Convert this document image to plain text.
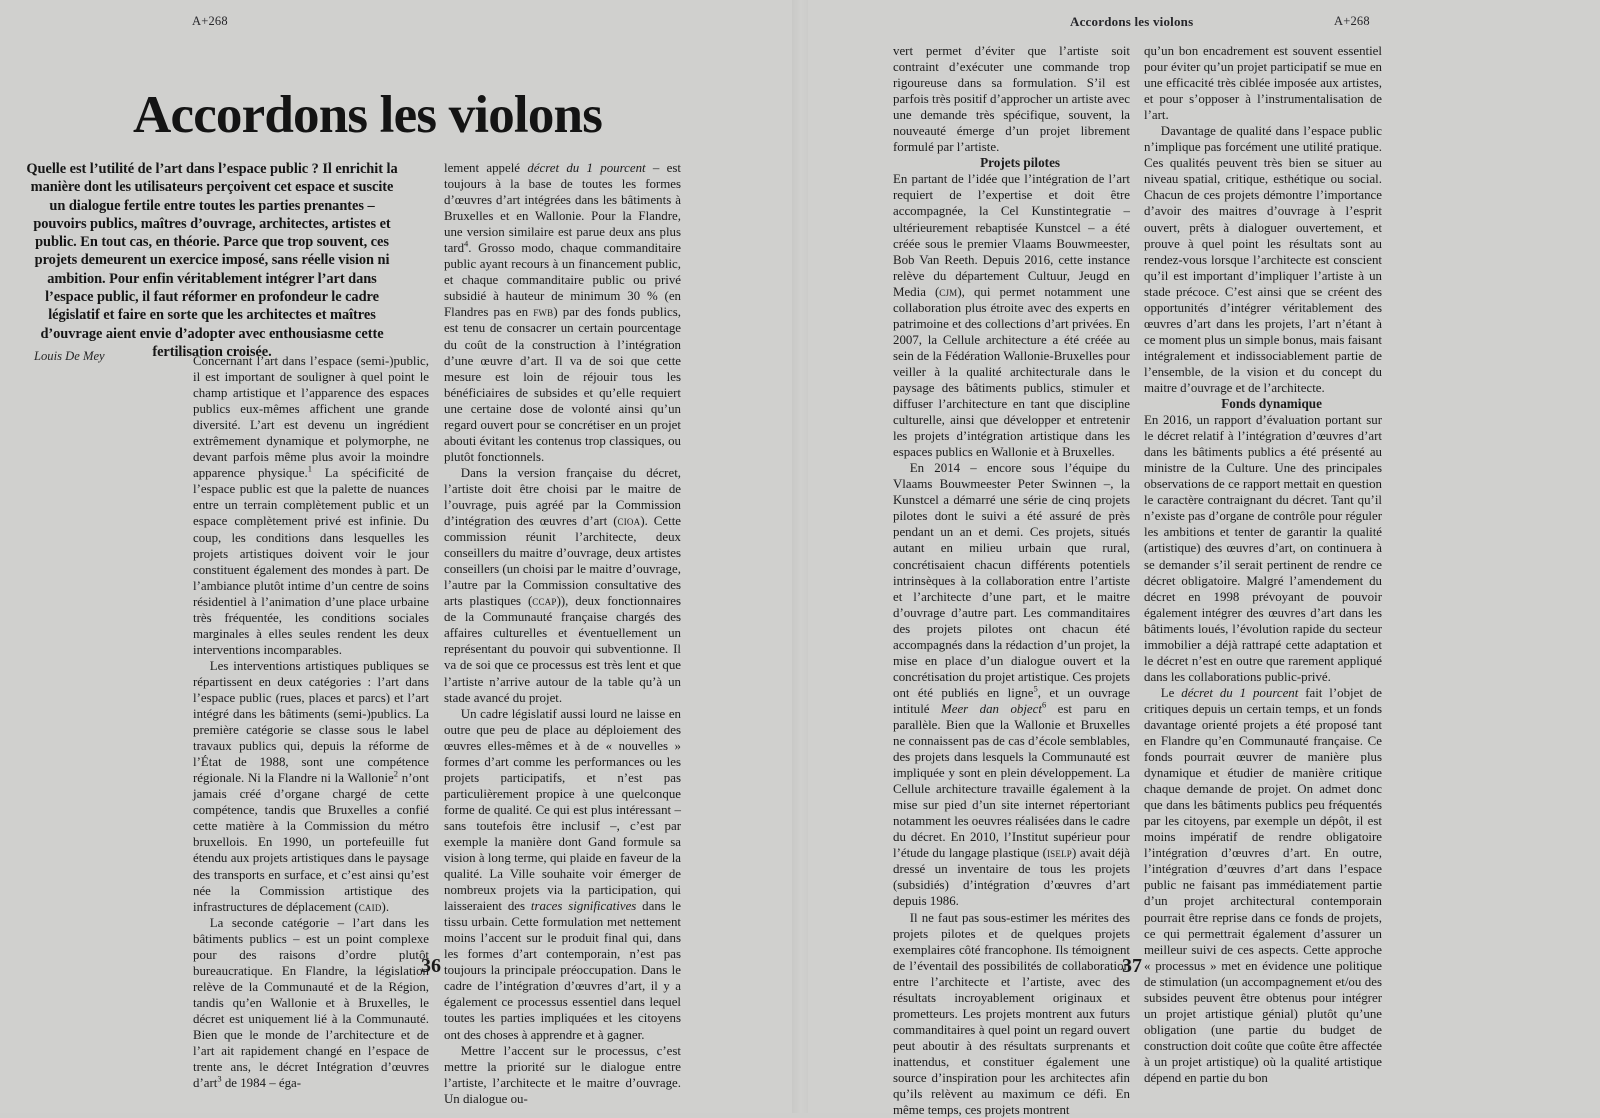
A+268	Accordons les violons	A+268
Accordons les violons
Quelle est l’utilité de l’art dans l’espace public ? Il enrichit la manière dont les utilisateurs perçoivent cet espace et suscite un dialogue fertile entre toutes les parties prenantes – pouvoirs publics, maîtres d’ouvrage, architectes, artistes et public. En tout cas, en théorie. Parce que trop souvent, ces projets demeurent un exercice imposé, sans réelle vision ni ambition. Pour enfin véritablement intégrer l’art dans l’espace public, il faut réformer en profondeur le cadre législatif et faire en sorte que les architectes et maîtres d’ouvrage aient envie d’adopter avec enthousiasme cette fertilisation croisée.
Louis De Mey	Concernant l’art dans l’espace (semi-)public, il est important de souligner à quel point le champ artistique et l’apparence des espaces publics eux-mêmes affichent une grande diversité. L’art est devenu un ingrédient extrêmement dynamique et polymorphe, ne devant parfois même plus avoir la moindre apparence physique.$^1$ La spécificité de l’espace public est que la palette de nuances entre un terrain complètement public et un espace complètement privé est infinie. Du coup, les conditions dans lesquelles les projets artistiques doivent voir le jour constituent également des mondes à part. De l’ambiance plutôt intime d’un centre de soins résidentiel à l’animation d’une place urbaine très fréquentée, les conditions sociales marginales à elles seules rendent les deux interventions incomparables.

Les interventions artistiques publiques se répartissent en deux catégories : l’art dans l’espace public (rues, places et parcs) et l’art intégré dans les bâtiments (semi-)publics. La première catégorie se classe sous le label travaux publics qui, depuis la réforme de l’État de 1988, sont une compétence régionale. Ni la Flandre ni la Wallonie$^2$ n’ont jamais créé d’organe chargé de cette compétence, tandis que Bruxelles a confié cette matière à la Commission du métro bruxellois. En 1990, un portefeuille fut étendu aux projets artistiques dans le paysage des transports en surface, et c’est ainsi qu’est née la Commission artistique des infrastructures de déplacement (caid).

La seconde catégorie – l’art dans les bâtiments publics – est un point complexe pour des raisons d’ordre plutôt bureaucratique. En Flandre, la législation relève de la Communauté et de la Région, tandis qu’en Wallonie et à Bruxelles, le décret est uniquement lié à la Communauté. Bien que le monde de l’architecture et de l’art ait rapidement changé en l’espace de trente ans, le décret Intégration d’œuvres d’art$^3$ de 1984 – éga-

lement appelé décret du 1 pourcent – est toujours à la base de toutes les formes d’œuvres d’art intégrées dans les bâtiments à Bruxelles et en Wallonie. Pour la Flandre, une version similaire est parue deux ans plus tard$^4$. Grosso modo, chaque commanditaire public ayant recours à un financement public, et chaque commanditaire public ou privé subsidié à hauteur de minimum 30 % (en Flandres pas en fwb) par des fonds publics, est tenu de consacrer un certain pourcentage du coût de la construction à l’intégration d’une œuvre d’art. Il va de soi que cette mesure est loin de réjouir tous les bénéficiaires de subsides et qu’elle requiert une certaine dose de volonté ainsi qu’un regard ouvert pour se concrétiser en un projet abouti évitant les contenus trop classiques, ou plutôt fonctionnels.

Dans la version française du décret, l’artiste doit être choisi par le maitre de l’ouvrage, puis agréé par la Commission d’intégration des œuvres d’art (cioa). Cette commission réunit l’architecte, deux conseillers du maitre d’ouvrage, deux artistes conseillers (un choisi par le maitre d’ouvrage, l’autre par la Commission consultative des arts plastiques (ccap)), deux fonctionnaires de la Communauté française chargés des affaires culturelles et éventuellement un représentant du pouvoir qui subventionne. Il va de soi que ce processus est très lent et que l’artiste n’arrive autour de la table qu’à un stade avancé du projet.

Un cadre législatif aussi lourd ne laisse en outre que peu de place au déploiement des œuvres elles-mêmes et à de « nouvelles » formes d’art comme les performances ou les projets participatifs, et n’est pas particulièrement propice à une quelconque forme de qualité. Ce qui est plus intéressant – sans toutefois être inclusif –, c’est par exemple la manière dont Gand formule sa vision à long terme, qui plaide en faveur de la qualité. La Ville souhaite voir émerger de nombreux projets via la participation, qui laisseraient des traces significatives dans le tissu urbain. Cette formulation met nettement moins l’accent sur le produit final qui, dans les formes d’art contemporain, n’est pas toujours la principale préoccupation. Dans le cadre de l’intégration d’œuvres d’art, il y a également ce processus essentiel dans lequel toutes les parties impliquées et les citoyens ont des choses à apprendre et à gagner.

Mettre l’accent sur le processus, c’est mettre la priorité sur le dialogue entre l’artiste, l’architecte et le maitre d’ouvrage. Un dialogue ou-

vert permet d’éviter que l’artiste soit contraint d’exécuter une commande trop rigoureuse dans sa formulation. S’il est parfois très positif d’approcher un artiste avec une demande très spécifique, souvent, la nouveauté émerge d’un projet librement formulé par l’artiste.

Projets pilotes

En partant de l’idée que l’intégration de l’art requiert de l’expertise et doit être accompagnée, la Cel Kunstintegratie – ultérieurement rebaptisée Kunstcel – a été créée sous le premier Vlaams Bouwmeester, Bob Van Reeth. Depuis 2016, cette instance relève du département Cultuur, Jeugd en Media (cjm), qui permet notamment une collaboration plus étroite avec des experts en patrimoine et des collections d’art privées. En 2007, la Cellule architecture a été créée au sein de la Fédération Wallonie-Bruxelles pour veiller à la qualité architecturale dans le paysage des bâtiments publics, stimuler et diffuser l’architecture en tant que discipline culturelle, ainsi que développer et entretenir les projets d’intégration artistique dans les espaces publics en Wallonie et à Bruxelles.

En 2014 – encore sous l’équipe du Vlaams Bouwmeester Peter Swinnen –, la Kunstcel a démarré une série de cinq projets pilotes dont le suivi a été assuré de près pendant un an et demi. Ces projets, situés autant en milieu urbain que rural, concrétisaient chacun différents potentiels intrinsèques à la collaboration entre l’artiste et l’architecte d’une part, et le maitre d’ouvrage d’autre part. Les commanditaires des projets pilotes ont chacun été accompagnés dans la rédaction d’un projet, la mise en place d’un dialogue ouvert et la concrétisation du projet artistique. Ces projets ont été publiés en ligne$^5$, et un ouvrage intitulé Meer dan object$^6$ est paru en parallèle. Bien que la Wallonie et Bruxelles ne connaissent pas de cas d’école semblables, des projets dans lesquels la Communauté est impliquée y sont en plein développement. La Cellule architecture travaille également à la mise sur pied d’un site internet répertoriant notamment les oeuvres réalisées dans le cadre du décret. En 2010, l’Institut supérieur pour l’étude du langage plastique (iselp) avait déjà dressé un inventaire de tous les projets (subsidiés) d’intégration d’œuvres d’art depuis 1986.

Il ne faut pas sous-estimer les mérites des projets pilotes et de quelques projets exemplaires côté francophone. Ils témoignent de l’éventail des possibilités de collaboration entre l’architecte et l’artiste, avec des résultats incroyablement originaux et prometteurs. Les projets montrent aux futurs commanditaires à quel point un regard ouvert peut aboutir à des résultats surprenants et inattendus, et constituer également une source d’inspiration pour les architectes afin qu’ils relèvent au maximum ce défi. En même temps, ces projets montrent

qu’un bon encadrement est souvent essentiel pour éviter qu’un projet participatif se mue en une efficacité très ciblée imposée aux artistes, et pour s’opposer à l’instrumentalisation de l’art.

Davantage de qualité dans l’espace public n’implique pas forcément une utilité pratique. Ces qualités peuvent très bien se situer au niveau spatial, critique, esthétique ou social. Chacun de ces projets démontre l’importance d’avoir des maitres d’ouvrage à l’esprit ouvert, prêts à dialoguer ouvertement, et prouve à quel point les résultats sont au rendez-vous lorsque l’architecte est conscient qu’il est important d’impliquer l’artiste à un stade précoce. C’est ainsi que se créent des opportunités d’intégrer véritablement des œuvres d’art dans les projets, l’art n’étant à ce moment plus un simple bonus, mais faisant intégralement et indissociablement partie de l’ensemble, de la vision et du concept du maitre d’ouvrage et de l’architecte.

Fonds dynamique

En 2016, un rapport d’évaluation portant sur le décret relatif à l’intégration d’œuvres d’art dans les bâtiments publics a été présenté au ministre de la Culture. Une des principales observations de ce rapport mettait en question le caractère contraignant du décret. Tant qu’il n’existe pas d’organe de contrôle pour réguler les ambitions et tenter de garantir la qualité (artistique) des œuvres d’art, on continuera à se demander s’il serait pertinent de rendre ce décret obligatoire. Malgré l’amendement du décret en 1998 prévoyant de pouvoir également intégrer des œuvres d’art dans les bâtiments loués, l’évolution rapide du secteur immobilier a déjà rattrapé cette adaptation et le décret n’est en outre que rarement appliqué dans les collaborations public-privé.

Le décret du 1 pourcent fait l’objet de critiques depuis un certain temps, et un fonds davantage orienté projets a été proposé tant en Flandre qu’en Communauté française. Ce fonds pourrait œuvrer de manière plus dynamique et étudier de manière critique chaque demande de projet. On admet donc que dans les bâtiments publics peu fréquentés par les citoyens, par exemple un dépôt, il est moins impératif de rendre obligatoire l’intégration d’œuvres d’art. En outre, l’intégration d’œuvres d’art dans l’espace public ne faisant pas immédiatement partie d’un projet architectural contemporain pourrait être reprise dans ce fonds de projets, ce qui permettrait également d’assurer un meilleur suivi de ces aspects. Cette approche « processus » met en évidence une politique de stimulation (un accompagnement et/ou des subsides peuvent être obtenus pour intégrer un projet artistique génial) plutôt qu’une obligation (une partie du budget de construction doit coûte que coûte être affectée à un projet artistique) où la qualité artistique dépend en partie du bon

36	37
